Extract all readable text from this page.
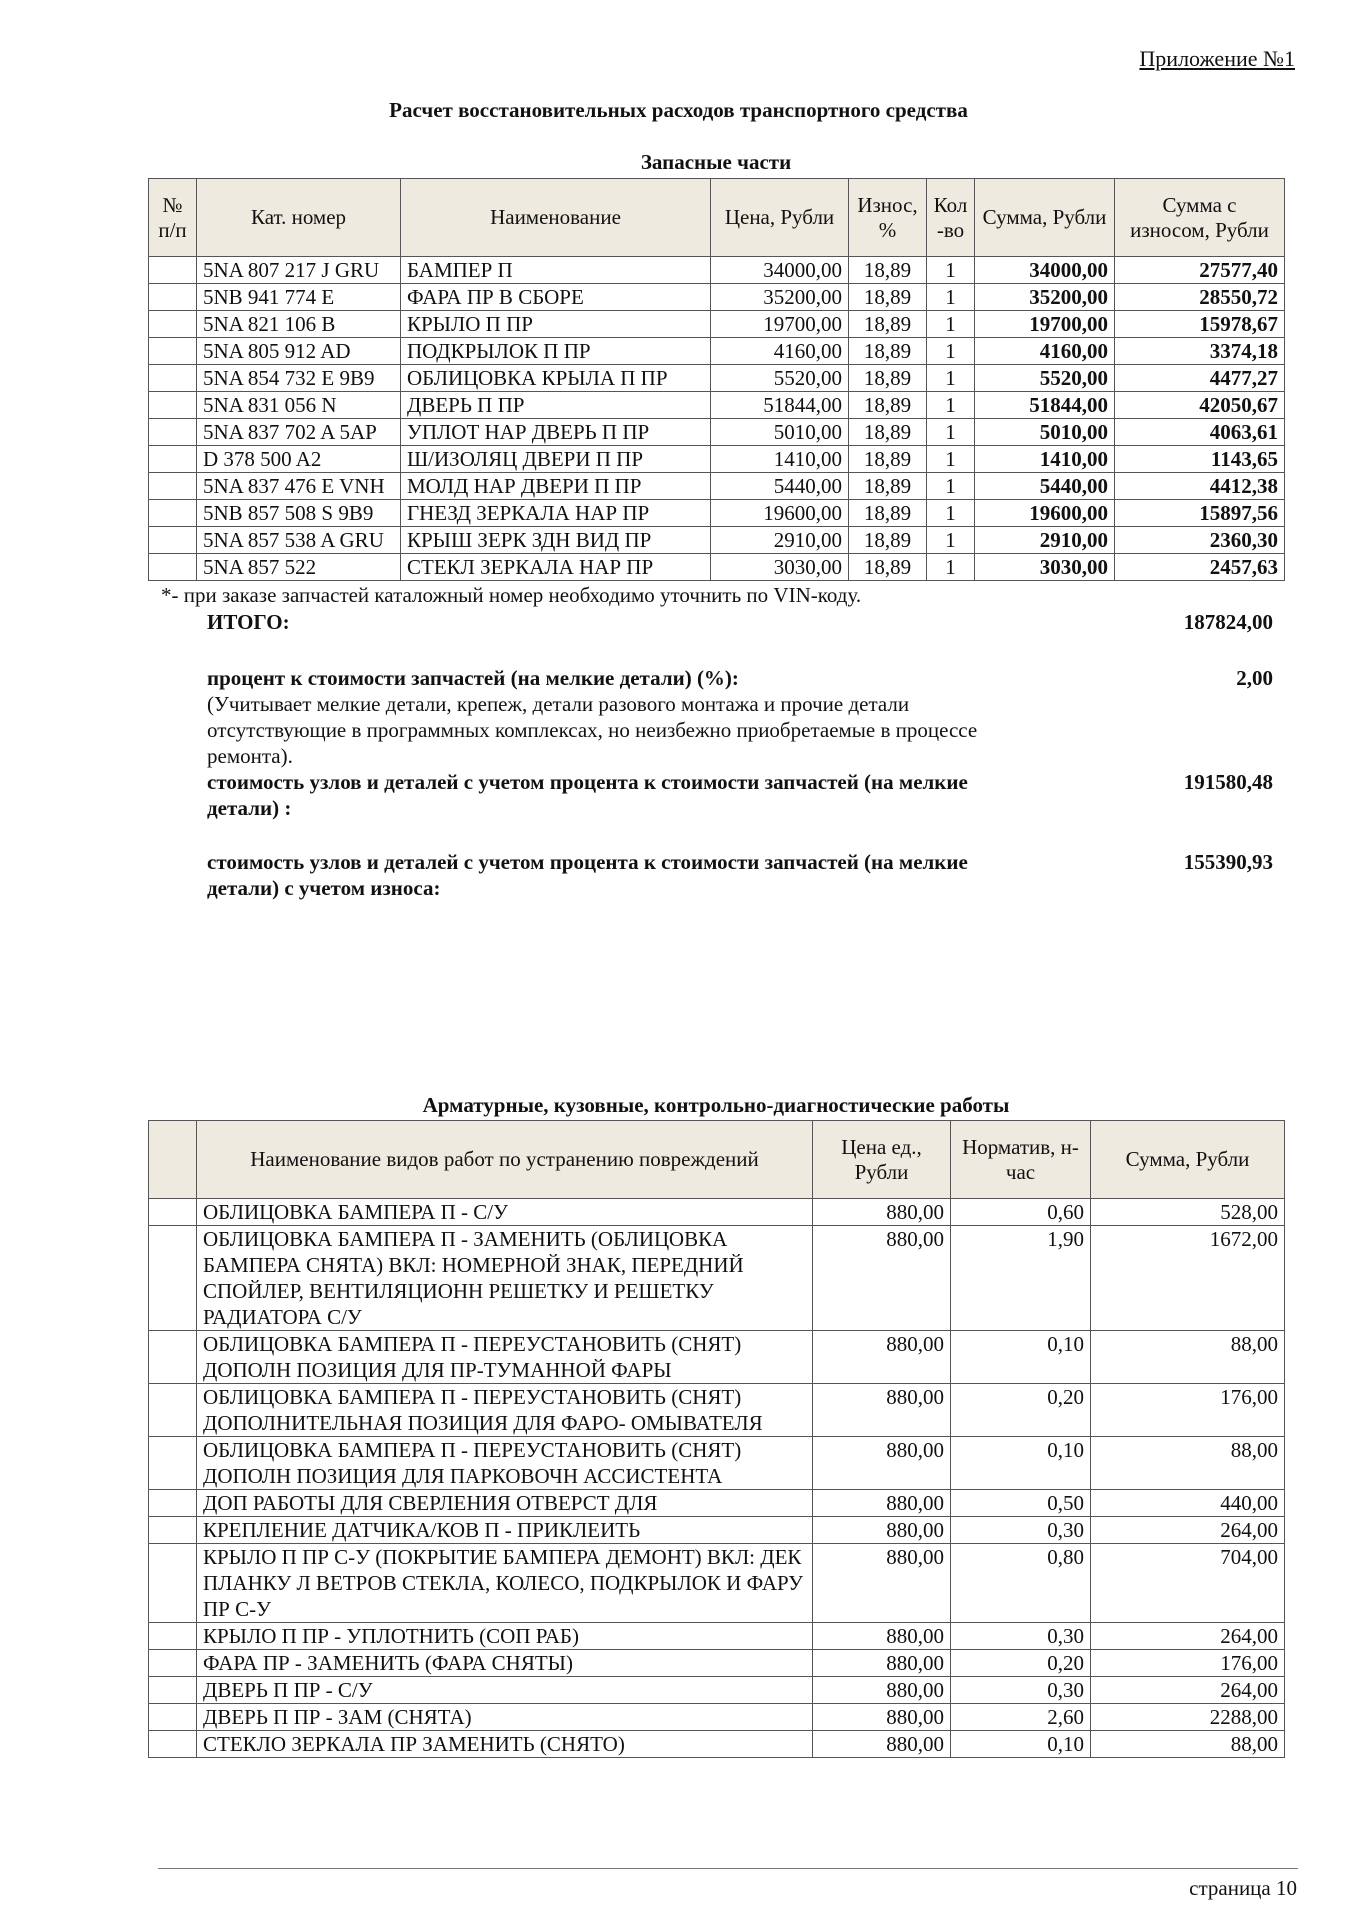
Приложение №1
Расчет восстановительных расходов транспортного средства
Запасные части
№ п/п	Кат. номер	Наименование	Цена, Рубли	Износ, %	Кол -во	Сумма, Рубли	Сумма с износом, Рубли
	5NA 807 217 J GRU	БАМПЕР П	34000,00	18,89	1	34000,00	27577,40
	5NB 941 774 E	ФАРА ПР В СБОРЕ	35200,00	18,89	1	35200,00	28550,72
	5NA 821 106 B	КРЫЛО П ПР	19700,00	18,89	1	19700,00	15978,67
	5NA 805 912 AD	ПОДКРЫЛОК П ПР	4160,00	18,89	1	4160,00	3374,18
	5NA 854 732 E 9B9	ОБЛИЦОВКА КРЫЛА П ПР	5520,00	18,89	1	5520,00	4477,27
	5NA 831 056 N	ДВЕРЬ П ПР	51844,00	18,89	1	51844,00	42050,67
	5NA 837 702 A 5AP	УПЛОТ НАР ДВЕРЬ П ПР	5010,00	18,89	1	5010,00	4063,61
	D 378 500 A2	Ш/ИЗОЛЯЦ ДВЕРИ П ПР	1410,00	18,89	1	1410,00	1143,65
	5NA 837 476 E VNH	МОЛД НАР ДВЕРИ П ПР	5440,00	18,89	1	5440,00	4412,38
	5NB 857 508 S 9B9	ГНЕЗД ЗЕРКАЛА НАР ПР	19600,00	18,89	1	19600,00	15897,56
	5NA 857 538 A GRU	КРЫШ ЗЕРК ЗДН ВИД ПР	2910,00	18,89	1	2910,00	2360,30
	5NA 857 522	СТЕКЛ ЗЕРКАЛА НАР ПР	3030,00	18,89	1	3030,00	2457,63
*- при заказе запчастей каталожный номер необходимо уточнить по VIN-коду.
ИТОГО:	187824,00
процент к стоимости запчастей (на мелкие детали) (%):	2,00
(Учитывает мелкие детали, крепеж, детали разового монтажа и прочие детали отсутствующие в программных комплексах, но неизбежно приобретаемые в процессе ремонта).
стоимость узлов и деталей с учетом процента к стоимости запчастей (на мелкие детали) :
191580,48
стоимость узлов и деталей с учетом процента к стоимости запчастей (на мелкие детали) с учетом износа:
155390,93
Арматурные, кузовные, контрольно-диагностические работы
	Наименование видов работ по устранению повреждений	Цена ед., Рубли	Норматив, н-час	Сумма, Рубли
	ОБЛИЦОВКА БАМПЕРА П - С/У	880,00	0,60	528,00
	ОБЛИЦОВКА БАМПЕРА П - ЗАМЕНИТЬ (ОБЛИЦОВКА БАМПЕРА СНЯТА) ВКЛ: НОМЕРНОЙ ЗНАК, ПЕРЕДНИЙ СПОЙЛЕР, ВЕНТИЛЯЦИОНН РЕШЕТКУ И РЕШЕТКУ РАДИАТОРА С/У	880,00	1,90	1672,00
	ОБЛИЦОВКА БАМПЕРА П - ПЕРЕУСТАНОВИТЬ (СНЯТ) ДОПОЛН ПОЗИЦИЯ ДЛЯ ПР-ТУМАННОЙ ФАРЫ	880,00	0,10	88,00
	ОБЛИЦОВКА БАМПЕРА П - ПЕРЕУСТАНОВИТЬ (СНЯТ) ДОПОЛНИТЕЛЬНАЯ ПОЗИЦИЯ ДЛЯ ФАРО- ОМЫВАТЕЛЯ	880,00	0,20	176,00
	ОБЛИЦОВКА БАМПЕРА П - ПЕРЕУСТАНОВИТЬ (СНЯТ) ДОПОЛН ПОЗИЦИЯ ДЛЯ ПАРКОВОЧН АССИСТЕНТА	880,00	0,10	88,00
	ДОП РАБОТЫ ДЛЯ СВЕРЛЕНИЯ ОТВЕРСТ ДЛЯ	880,00	0,50	440,00
	КРЕПЛЕНИЕ ДАТЧИКА/КОВ П - ПРИКЛЕИТЬ	880,00	0,30	264,00
	КРЫЛО П ПР С-У (ПОКРЫТИЕ БАМПЕРА ДЕМОНТ) ВКЛ: ДЕК ПЛАНКУ Л ВЕТРОВ СТЕКЛА, КОЛЕСО, ПОДКРЫЛОК И ФАРУ ПР С-У	880,00	0,80	704,00
	КРЫЛО П ПР - УПЛОТНИТЬ (СОП РАБ)	880,00	0,30	264,00
	ФАРА ПР - ЗАМЕНИТЬ (ФАРА СНЯТЫ)	880,00	0,20	176,00
	ДВЕРЬ П ПР - С/У	880,00	0,30	264,00
	ДВЕРЬ П ПР - ЗАМ (СНЯТА)	880,00	2,60	2288,00
	СТЕКЛО ЗЕРКАЛА ПР ЗАМЕНИТЬ (СНЯТО)	880,00	0,10	88,00
страница 10
